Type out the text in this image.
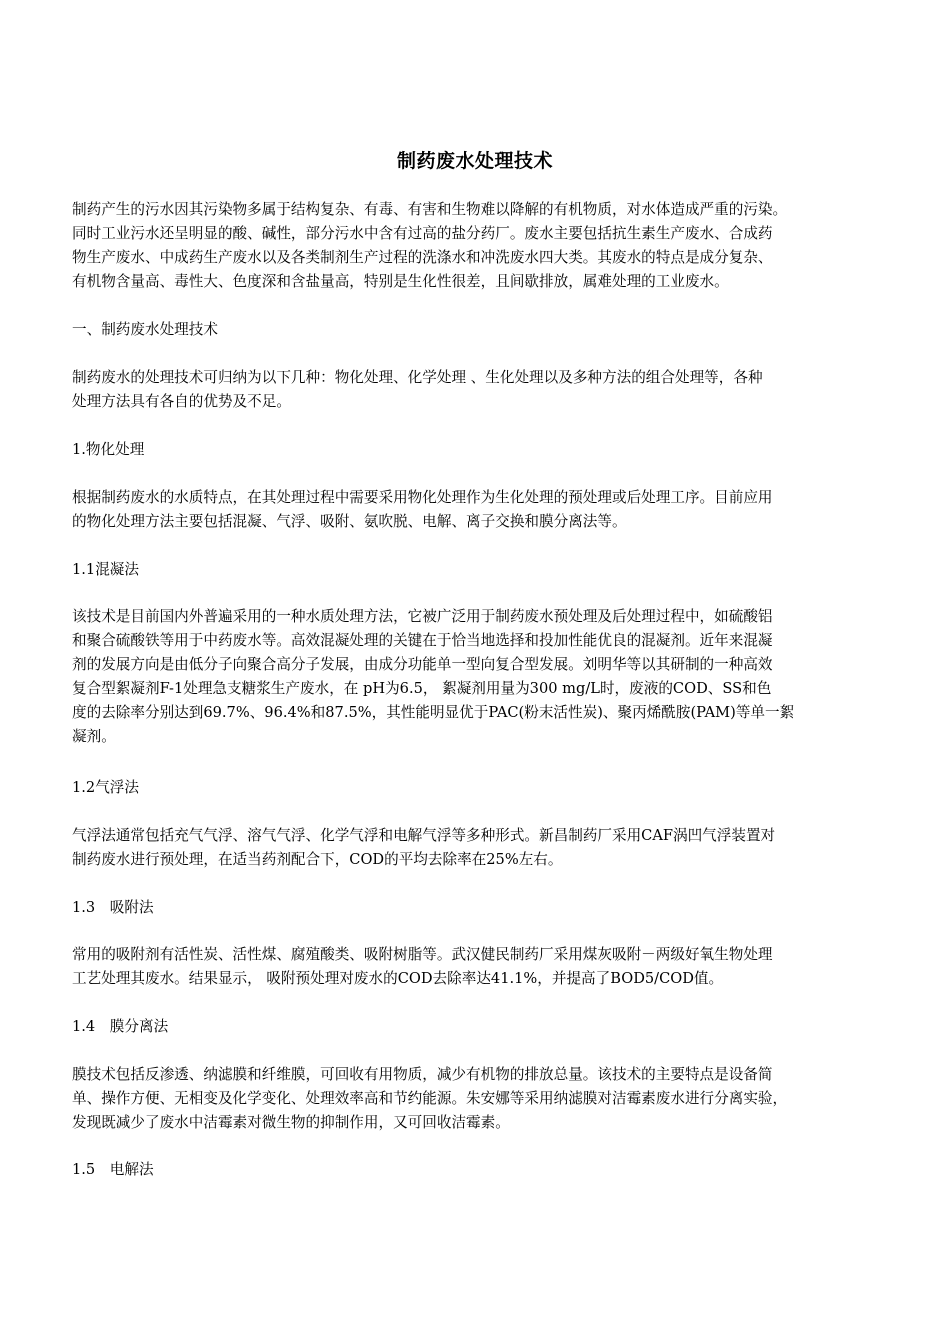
制药废水处理技术
制药产生的污水因其污染物多属于结构复杂、有毒、有害和生物难以降解的有机物质，对水体造成严重的污染。
同时工业污水还呈明显的酸、碱性，部分污水中含有过高的盐分药厂。废水主要包括抗生素生产废水、合成药
物生产废水、中成药生产废水以及各类制剂生产过程的洗涤水和冲洗废水四大类。其废水的特点是成分复杂、
有机物含量高、毒性大、色度深和含盐量高，特别是生化性很差，且间歇排放，属难处理的工业废水。
一、制药废水处理技术
制药废水的处理技术可归纳为以下几种：物化处理、化学处理 、生化处理以及多种方法的组合处理等，各种
处理方法具有各自的优势及不足。
1.物化处理
根据制药废水的水质特点，在其处理过程中需要采用物化处理作为生化处理的预处理或后处理工序。目前应用
的物化处理方法主要包括混凝、气浮、吸附、氨吹脱、电解、离子交换和膜分离法等。
1.1混凝法
该技术是目前国内外普遍采用的一种水质处理方法，它被广泛用于制药废水预处理及后处理过程中，如硫酸铝
和聚合硫酸铁等用于中药废水等。高效混凝处理的关键在于恰当地选择和投加性能优良的混凝剂。近年来混凝
剂的发展方向是由低分子向聚合高分子发展，由成分功能单一型向复合型发展。刘明华等以其研制的一种高效
复合型絮凝剂F-1处理急支糖浆生产废水，在 pH为6.5， 絮凝剂用量为300 mg/L时，废液的COD、SS和色
度的去除率分别达到69.7%、96.4%和87.5%，其性能明显优于PAC(粉末活性炭)、聚丙烯酰胺(PAM)等单一絮
凝剂。
1.2气浮法
气浮法通常包括充气气浮、溶气气浮、化学气浮和电解气浮等多种形式。新昌制药厂采用CAF涡凹气浮装置对
制药废水进行预处理，在适当药剂配合下，COD的平均去除率在25%左右。
1.3　吸附法
常用的吸附剂有活性炭、活性煤、腐殖酸类、吸附树脂等。武汉健民制药厂采用煤灰吸附－两级好氧生物处理
工艺处理其废水。结果显示， 吸附预处理对废水的COD去除率达41.1%，并提高了BOD5/COD值。
1.4　膜分离法
膜技术包括反渗透、纳滤膜和纤维膜，可回收有用物质，减少有机物的排放总量。该技术的主要特点是设备简
单、操作方便、无相变及化学变化、处理效率高和节约能源。朱安娜等采用纳滤膜对洁霉素废水进行分离实验，
发现既减少了废水中洁霉素对微生物的抑制作用，又可回收洁霉素。
1.5　电解法
